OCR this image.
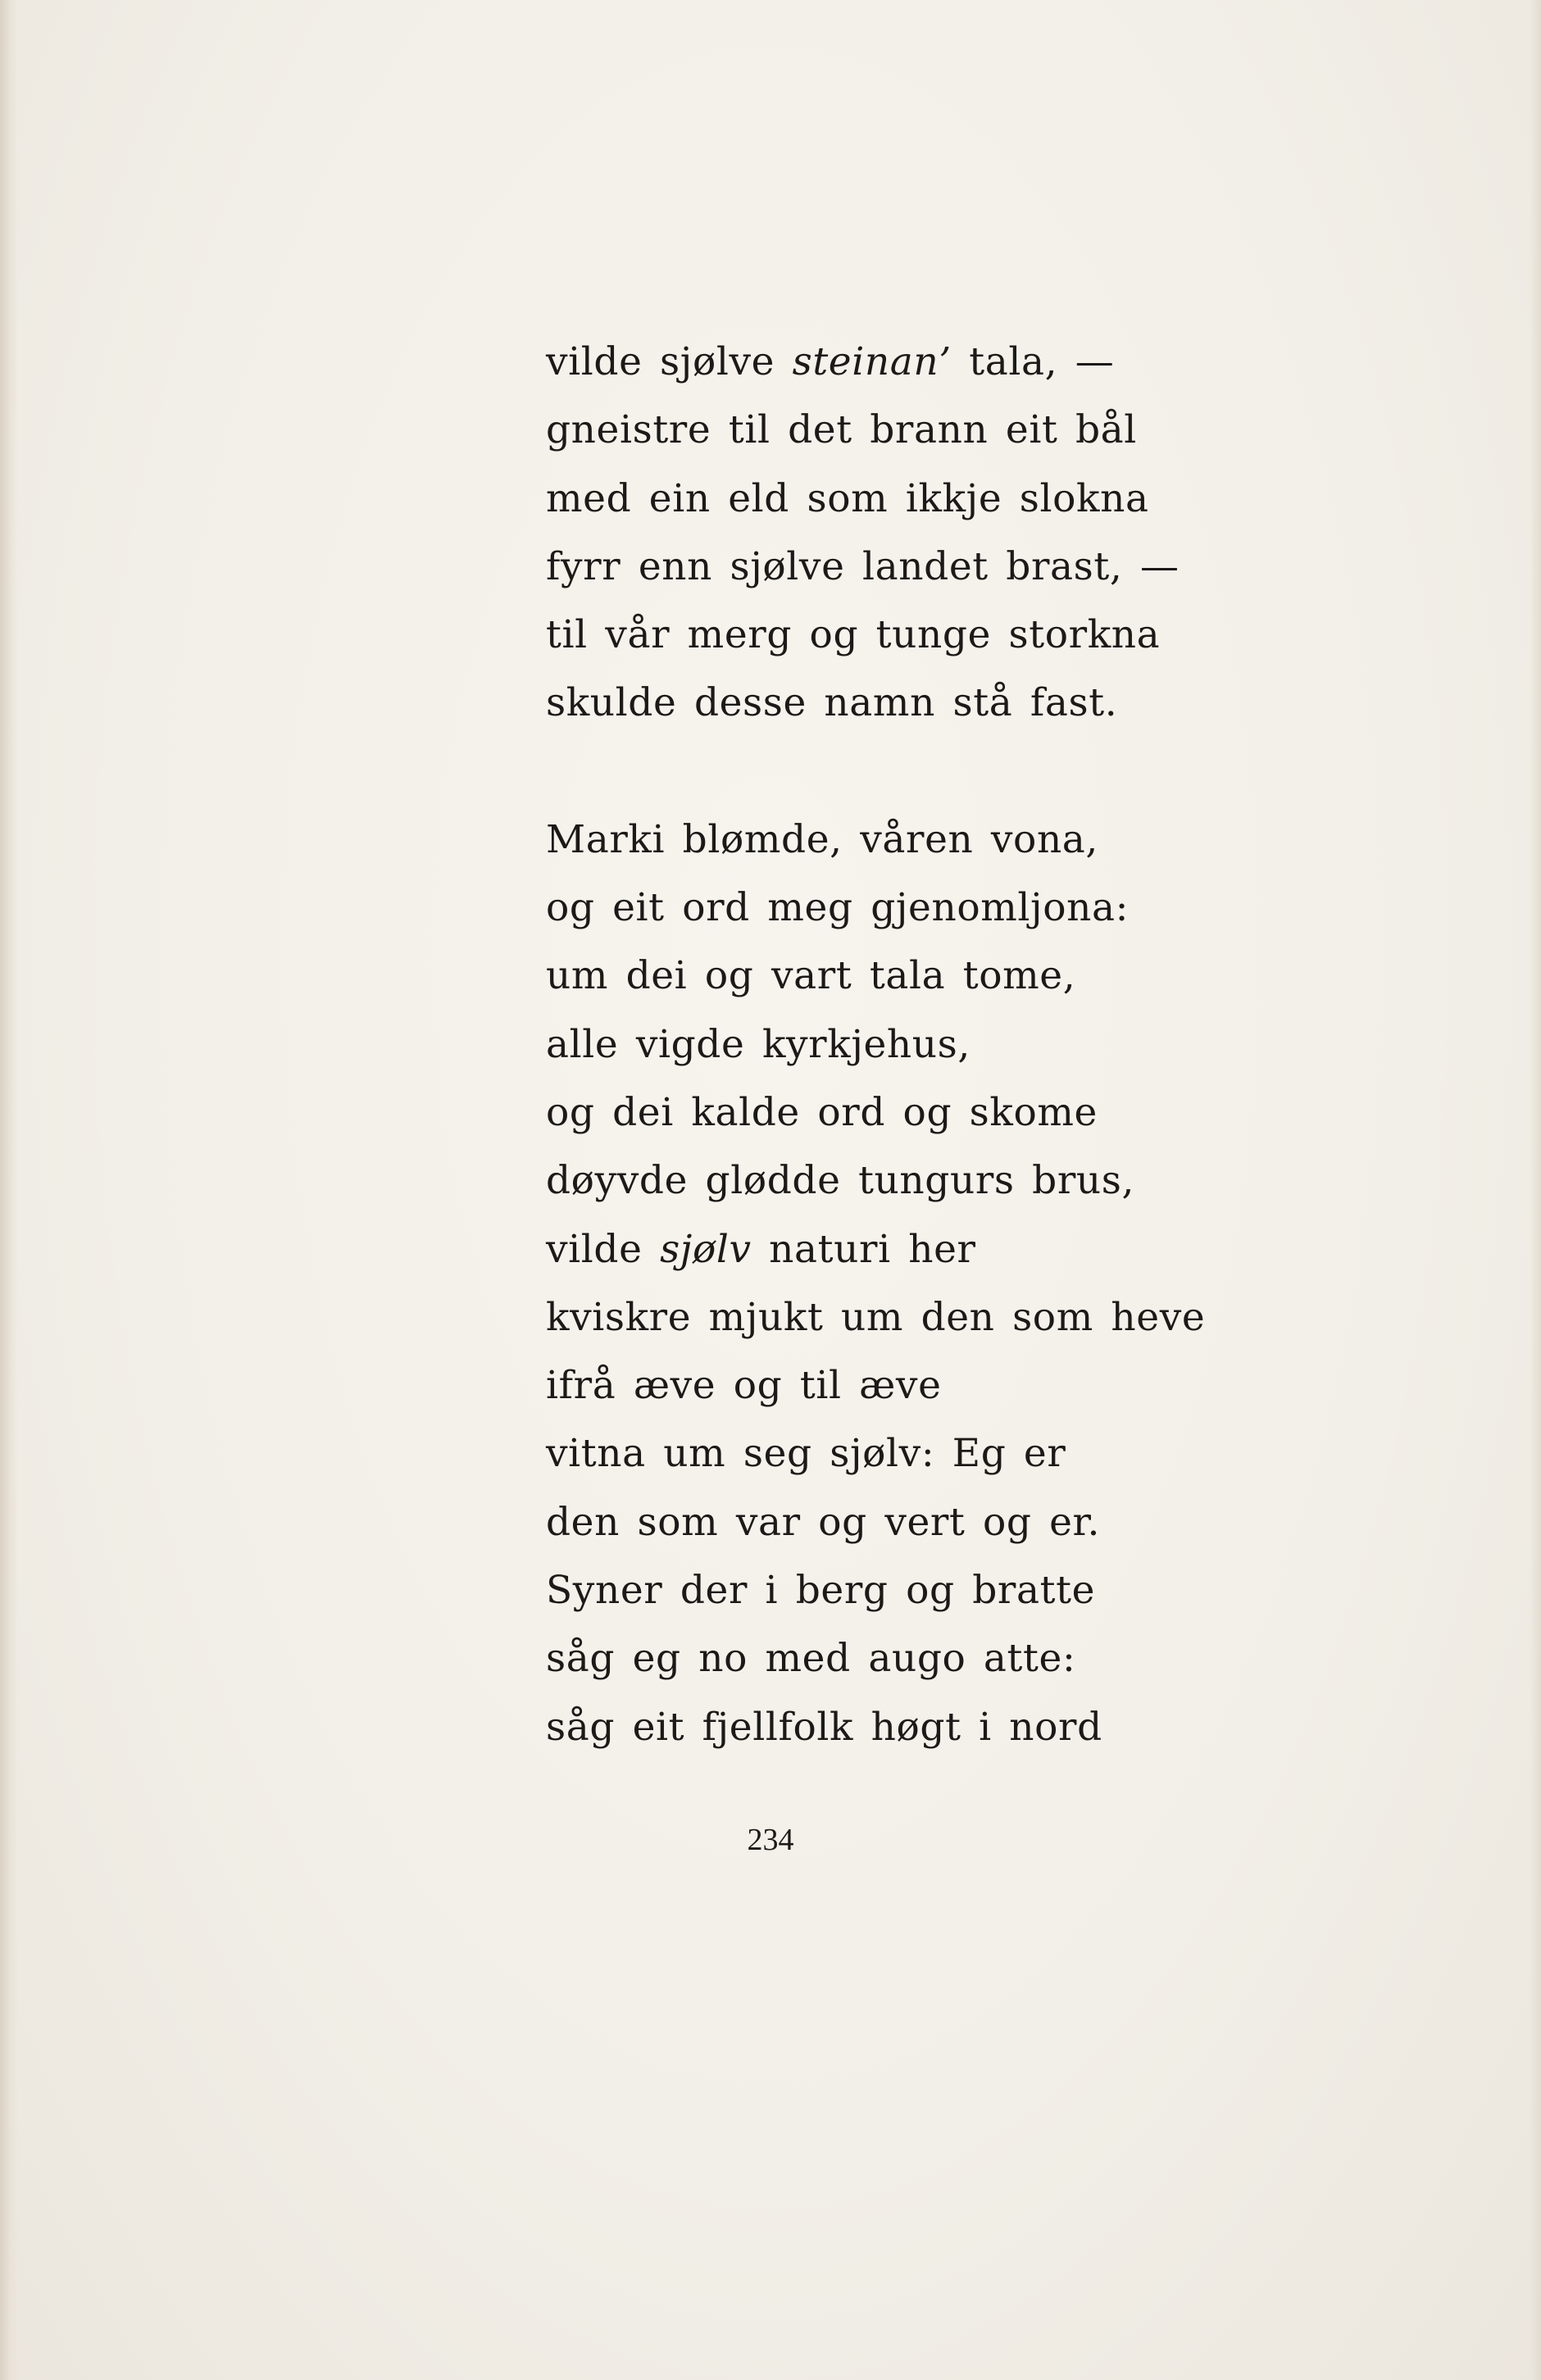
vilde sjølve steinan’ tala, —
gneistre til det brann eit bål
med ein eld som ikkje slokna
fyrr enn sjølve landet brast, —
til vår merg og tunge storkna
skulde desse namn stå fast.
Marki blømde, våren vona,
og eit ord meg gjenomljona:
um dei og vart tala tome,
alle vigde kyrkjehus,
og dei kalde ord og skome
døyvde glødde tungurs brus,
vilde sjølv naturi her
kviskre mjukt um den som heve
ifrå æve og til æve
vitna um seg sjølv: Eg er
den som var og vert og er.
Syner der i berg og bratte
såg eg no med augo atte:
såg eit fjellfolk høgt i nord
234
